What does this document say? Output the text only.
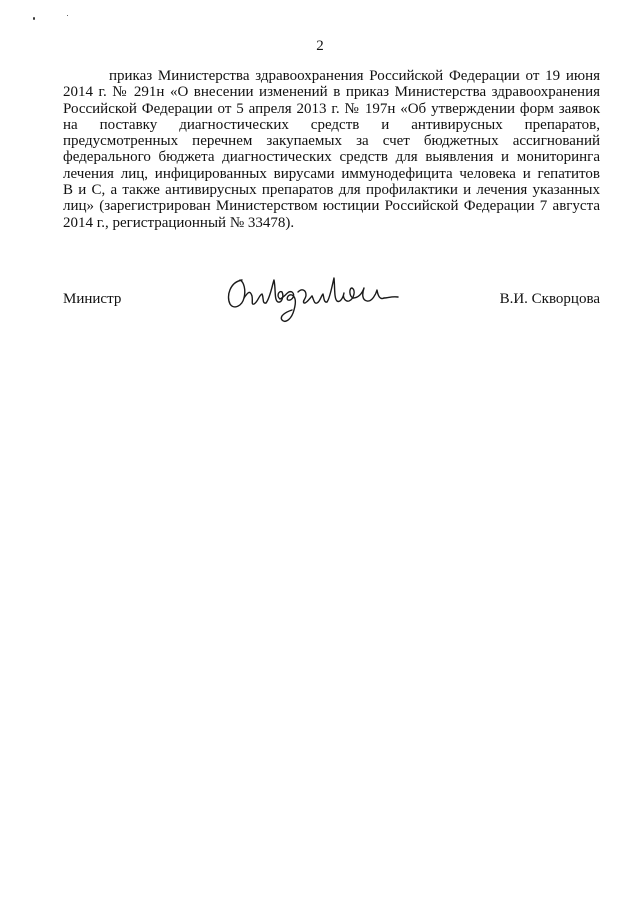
2
приказ Министерства здравоохранения Российской Федерации от 19 июня
2014 г. № 291н «О внесении изменений в приказ Министерства здравоохранения
Российской Федерации от 5 апреля 2013 г. № 197н «Об утверждении форм заявок
на поставку диагностических средств и антивирусных препаратов,
предусмотренных перечнем закупаемых за счет бюджетных ассигнований
федерального бюджета диагностических средств для выявления и мониторинга
лечения лиц, инфицированных вирусами иммунодефицита человека и гепатитов
В и С, а также антивирусных препаратов для профилактики и лечения указанных
лиц» (зарегистрирован Министерством юстиции Российской Федерации 7 августа
2014 г., регистрационный № 33478).
Министр	В.И. Скворцова
